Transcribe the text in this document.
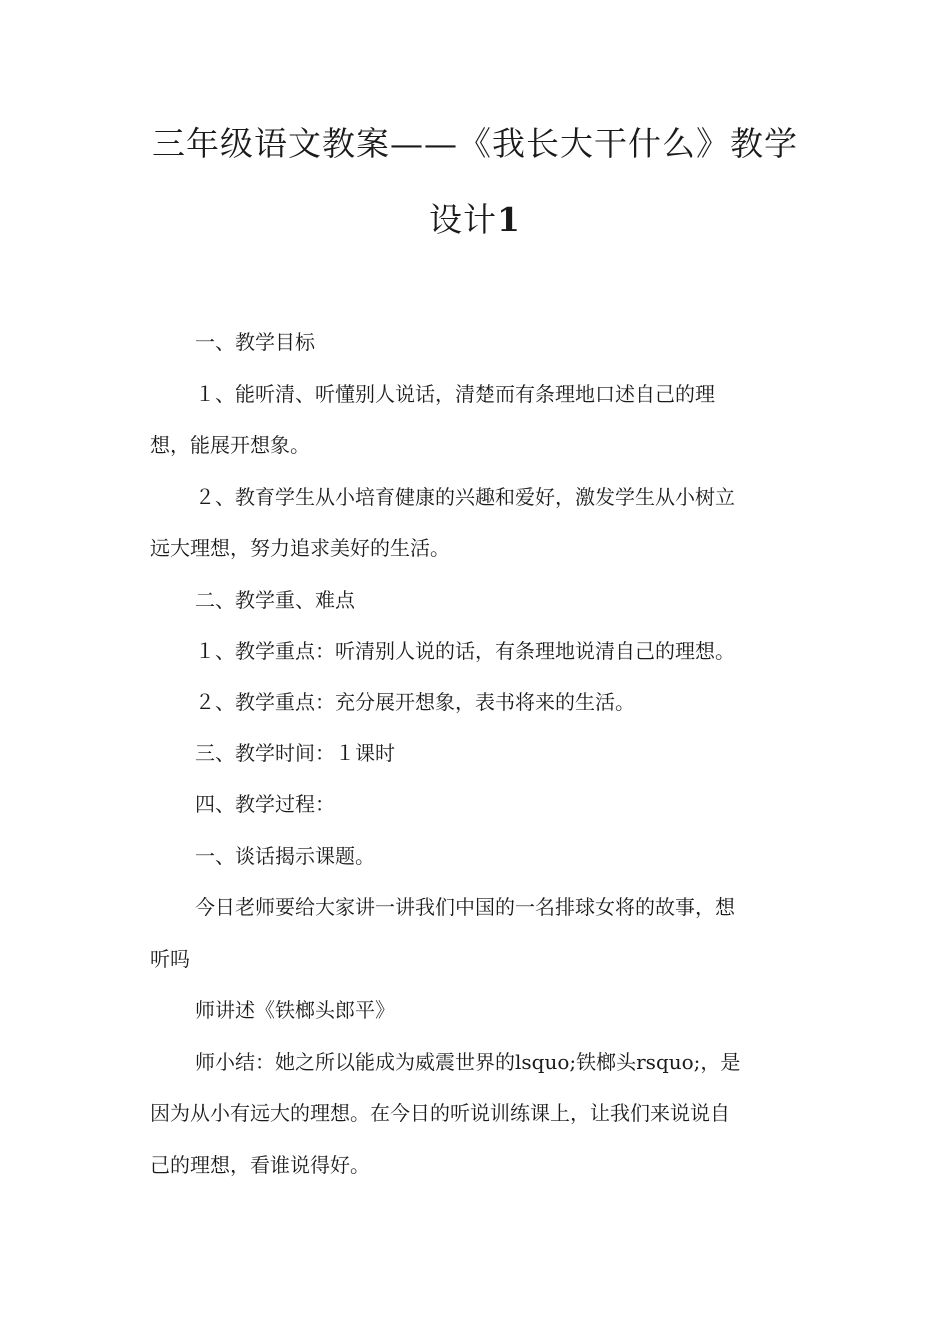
三年级语文教案——《我长大干什么》教学
设计1

一、教学目标

１、能听清、听懂别人说话，清楚而有条理地口述自己的理

想，能展开想象。

２、教育学生从小培育健康的兴趣和爱好，激发学生从小树立

远大理想，努力追求美好的生活。

二、教学重、难点

１、教学重点：听清别人说的话，有条理地说清自己的理想。

２、教学重点：充分展开想象，表书将来的生活。

三、教学时间：１课时

四、教学过程：

一、谈话揭示课题。

今日老师要给大家讲一讲我们中国的一名排球女将的故事，想

听吗

师讲述《铁榔头郎平》

师小结：她之所以能成为威震世界的lsquo;铁榔头rsquo;，是

因为从小有远大的理想。在今日的听说训练课上，让我们来说说自

己的理想，看谁说得好。
